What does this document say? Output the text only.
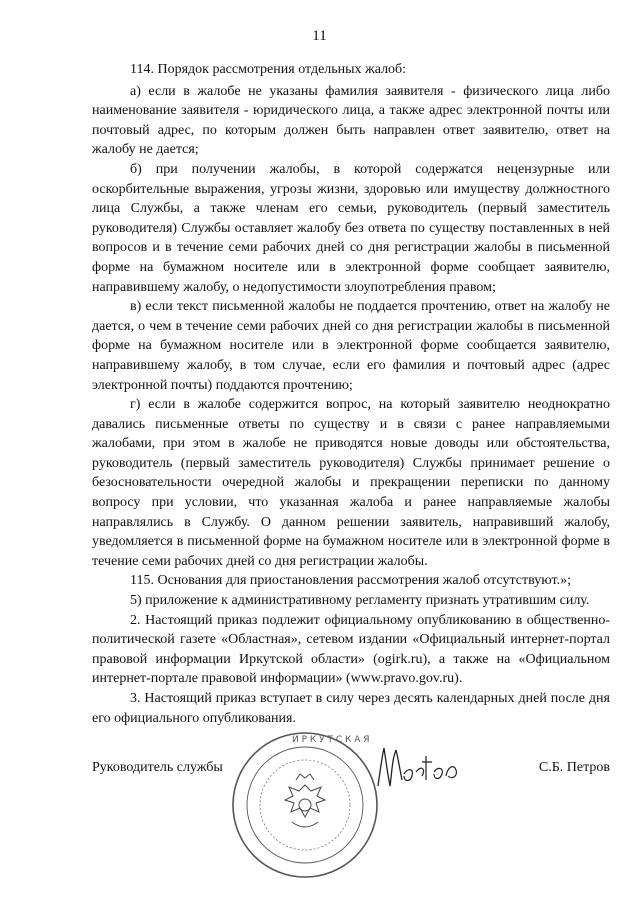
11

114. Порядок рассмотрения отдельных жалоб:

а) если в жалобе не указаны фамилия заявителя - физического лица либо наименование заявителя - юридического лица, а также адрес электронной почты или почтовый адрес, по которым должен быть направлен ответ заявителю, ответ на жалобу не дается;

б) при получении жалобы, в которой содержатся нецензурные или оскорбительные выражения, угрозы жизни, здоровью или имуществу должностного лица Службы, а также членам его семьи, руководитель (первый заместитель руководителя) Службы оставляет жалобу без ответа по существу поставленных в ней вопросов и в течение семи рабочих дней со дня регистрации жалобы в письменной форме на бумажном носителе или в электронной форме сообщает заявителю, направившему жалобу, о недопустимости злоупотребления правом;

в) если текст письменной жалобы не поддается прочтению, ответ на жалобу не дается, о чем в течение семи рабочих дней со дня регистрации жалобы в письменной форме на бумажном носителе или в электронной форме сообщается заявителю, направившему жалобу, в том случае, если его фамилия и почтовый адрес (адрес электронной почты) поддаются прочтению;

г) если в жалобе содержится вопрос, на который заявителю неоднократно давались письменные ответы по существу и в связи с ранее направляемыми жалобами, при этом в жалобе не приводятся новые доводы или обстоятельства, руководитель (первый заместитель руководителя) Службы принимает решение о безосновательности очередной жалобы и прекращении переписки по данному вопросу при условии, что указанная жалоба и ранее направляемые жалобы направлялись в Службу. О данном решении заявитель, направивший жалобу, уведомляется в письменной форме на бумажном носителе или в электронной форме в течение семи рабочих дней со дня регистрации жалобы.

115. Основания для приостановления рассмотрения жалоб отсутствуют.»;

5) приложение к административному регламенту признать утратившим силу.

2. Настоящий приказ подлежит официальному опубликованию в общественно-политической газете «Областная», сетевом издании «Официальный интернет-портал правовой информации Иркутской области» (ogirk.ru), а также на «Официальном интернет-портале правовой информации» (www.pravo.gov.ru).

3. Настоящий приказ вступает в силу через десять календарных дней после дня его официального опубликования.

Руководитель службы
И Р К У Т С К А Я
С.Б. Петров
